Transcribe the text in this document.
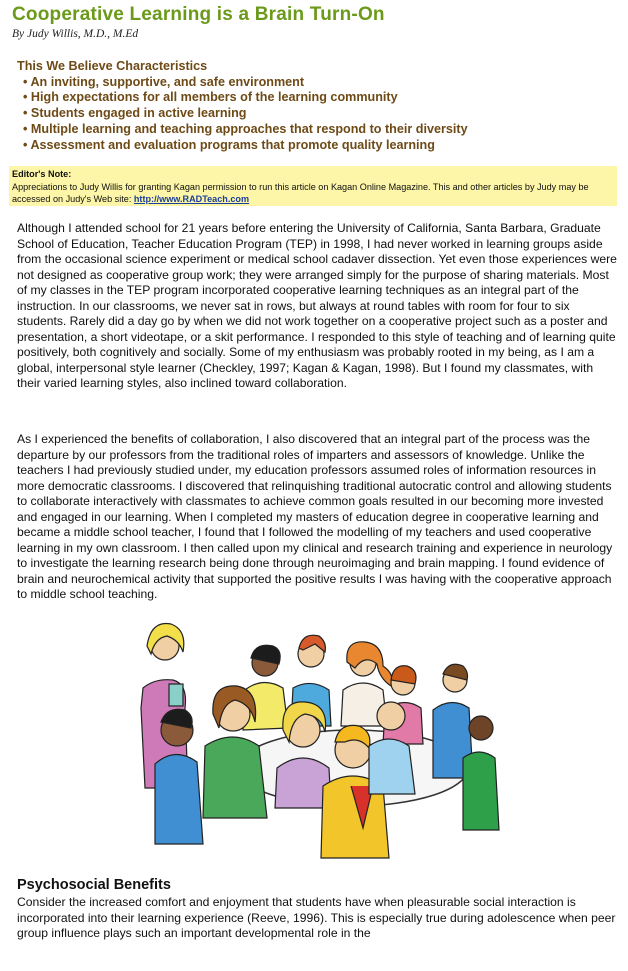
Cooperative Learning is a Brain Turn-On
By Judy Willis, M.D., M.Ed
This We Believe Characteristics
• An inviting, supportive, and safe environment
• High expectations for all members of the learning community
• Students engaged in active learning
• Multiple learning and teaching approaches that respond to their diversity
• Assessment and evaluation programs that promote quality learning
Editor's Note:
Appreciations to Judy Willis for granting Kagan permission to run this article on Kagan Online Magazine. This and other articles by Judy may be accessed on Judy's Web site: http://www.RADTeach.com

Although I attended school for 21 years before entering the University of California, Santa Barbara, Graduate School of Education, Teacher Education Program (TEP) in 1998, I had never worked in learning groups aside from the occasional science experiment or medical school cadaver dissection. Yet even those experiences were not designed as cooperative group work; they were arranged simply for the purpose of sharing materials. Most of my classes in the TEP program incorporated cooperative learning techniques as an integral part of the instruction. In our classrooms, we never sat in rows, but always at round tables with room for four to six students. Rarely did a day go by when we did not work together on a cooperative project such as a poster and presentation, a short videotape, or a skit performance. I responded to this style of teaching and of learning quite positively, both cognitively and socially. Some of my enthusiasm was probably rooted in my being, as I am a global, interpersonal style learner (Checkley, 1997; Kagan & Kagan, 1998). But I found my classmates, with their varied learning styles, also inclined toward collaboration.

As I experienced the benefits of collaboration, I also discovered that an integral part of the process was the departure by our professors from the traditional roles of imparters and assessors of knowledge. Unlike the teachers I had previously studied under, my education professors assumed roles of information resources in more democratic classrooms. I discovered that relinquishing traditional autocratic control and allowing students to collaborate interactively with classmates to achieve common goals resulted in our becoming more invested and engaged in our learning. When I completed my masters of education degree in cooperative learning and became a middle school teacher, I found that I followed the modelling of my teachers and used cooperative learning in my own classroom. I then called upon my clinical and research training and experience in neurology to investigate the learning research being done through neuroimaging and brain mapping. I found evidence of brain and neurochemical activity that supported the positive results I was having with the cooperative approach to middle school teaching.

Psychosocial Benefits

Consider the increased comfort and enjoyment that students have when pleasurable social interaction is incorporated into their learning experience (Reeve, 1996). This is especially true during adolescence when peer group influence plays such an important developmental role in the
